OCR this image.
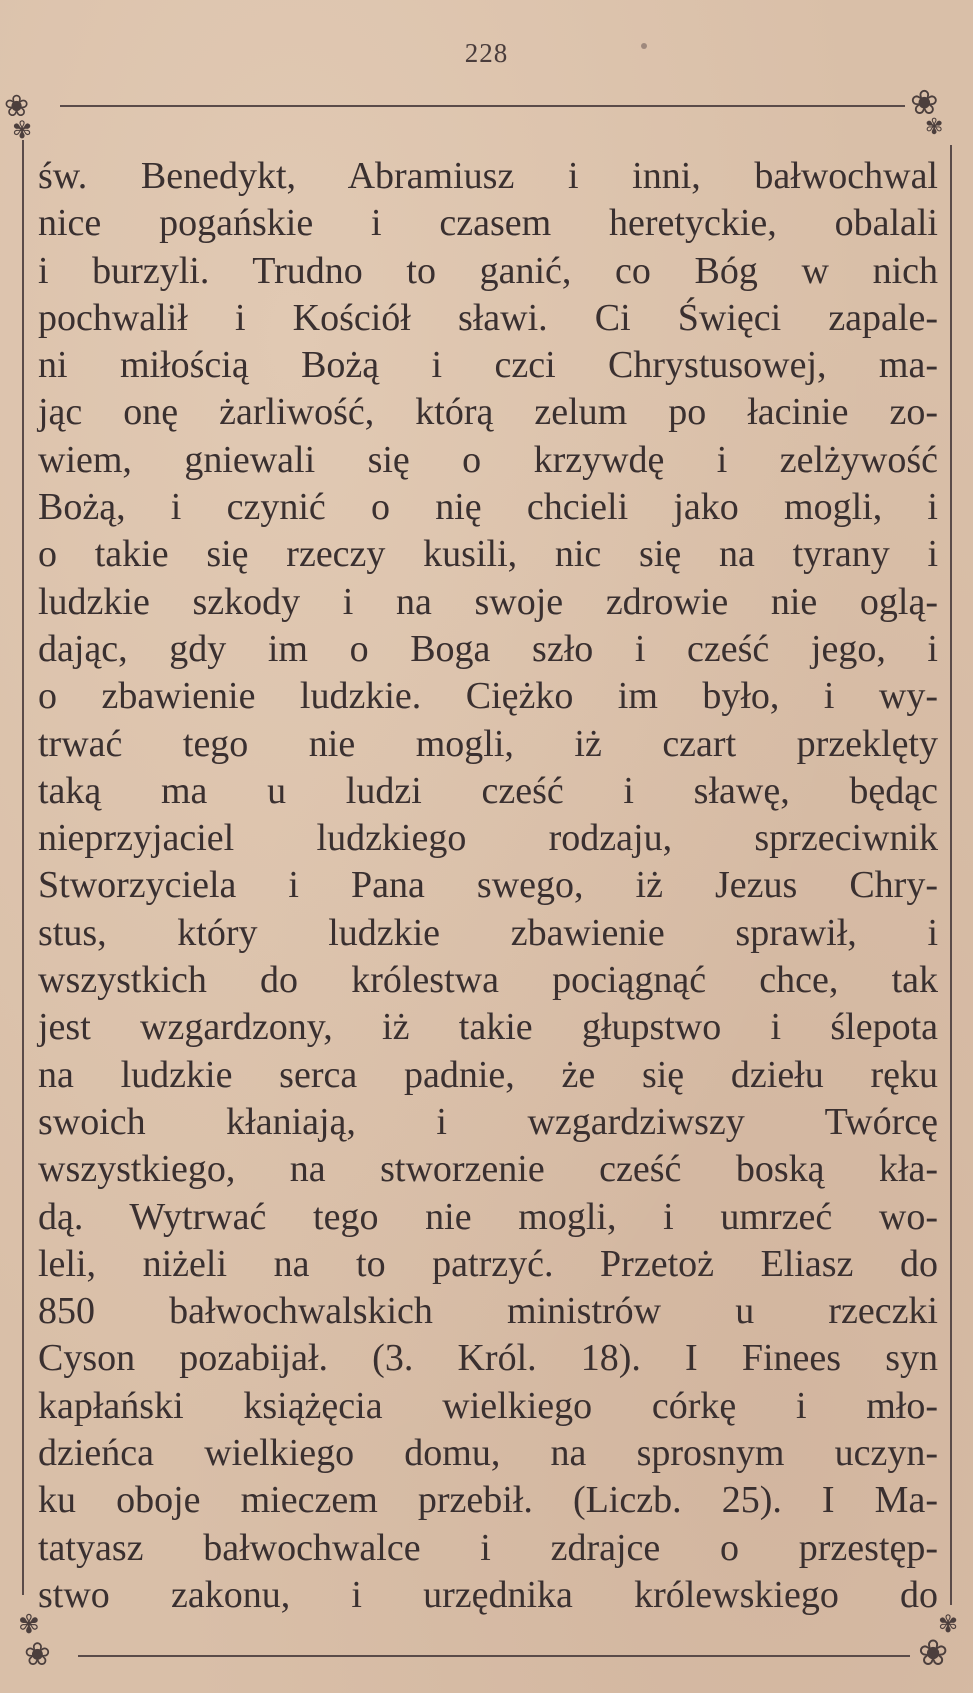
228
❀
✾
❀
✾
✾
❀
✾
❀
św. Benedykt, Abramiusz i inni, bałwochwal
nice pogańskie i czasem heretyckie, obalali
i burzyli. Trudno to ganić, co Bóg w nich
pochwalił i Kościół sławi. Ci Święci zapale-
ni miłością Bożą i czci Chrystusowej, ma-
jąc onę żarliwość, którą zelum po łacinie zo-
wiem, gniewali się o krzywdę i zelżywość
Bożą, i czynić o nię chcieli jako mogli, i
o takie się rzeczy kusili, nic się na tyrany i
ludzkie szkody i na swoje zdrowie nie oglą-
dając, gdy im o Boga szło i cześć jego, i
o zbawienie ludzkie. Ciężko im było, i wy-
trwać tego nie mogli, iż czart przeklęty
taką ma u ludzi cześć i sławę, będąc
nieprzyjaciel ludzkiego rodzaju, sprzeciwnik
Stworzyciela i Pana swego, iż Jezus Chry-
stus, który ludzkie zbawienie sprawił, i
wszystkich do królestwa pociągnąć chce, tak
jest wzgardzony, iż takie głupstwo i ślepota
na ludzkie serca padnie, że się dziełu ręku
swoich kłaniają, i wzgardziwszy Twórcę
wszystkiego, na stworzenie cześć boską kła-
dą. Wytrwać tego nie mogli, i umrzeć wo-
leli, niżeli na to patrzyć. Przetoż Eliasz do
850 bałwochwalskich ministrów u rzeczki
Cyson pozabijał. (3. Król. 18). I Finees syn
kapłański książęcia wielkiego córkę i mło-
dzieńca wielkiego domu, na sprosnym uczyn-
ku oboje mieczem przebił. (Liczb. 25). I Ma-
tatyasz bałwochwalce i zdrajce o przestęp-
stwo zakonu, i urzędnika królewskiego do
